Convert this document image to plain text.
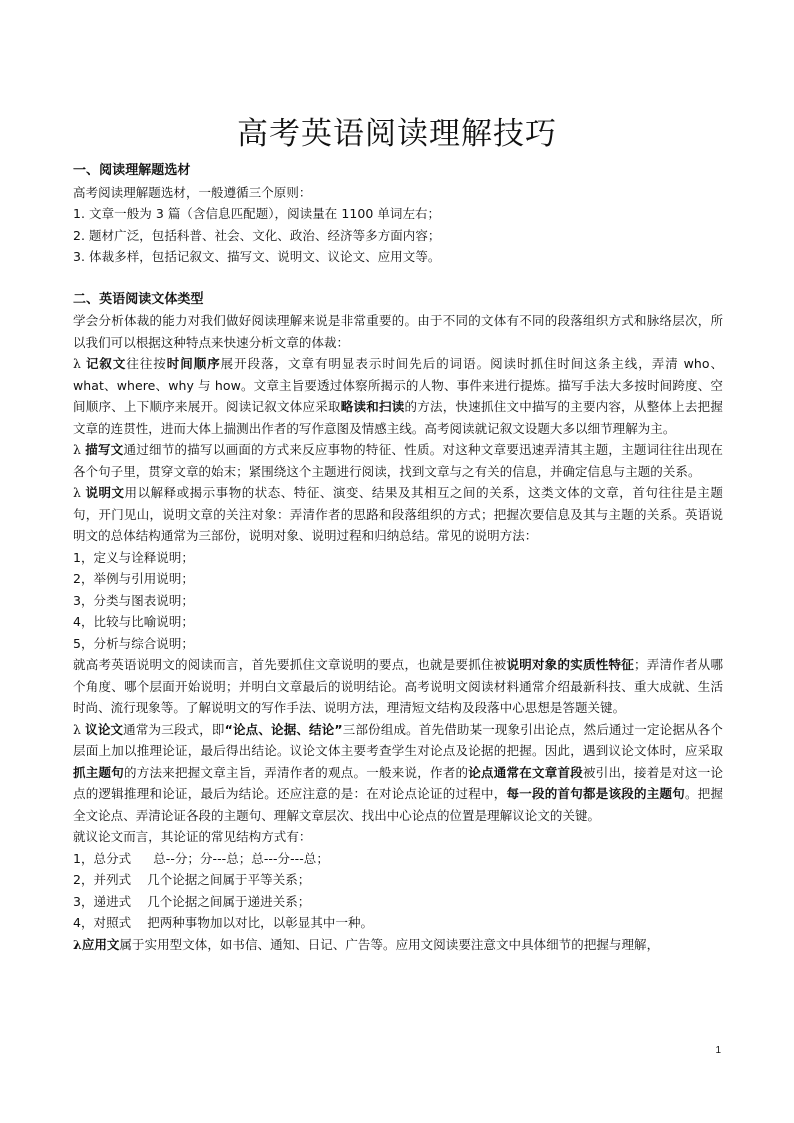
高考英语阅读理解技巧

一、阅读理解题选材

高考阅读理解题选材，一般遵循三个原则：

1. 文章一般为 3 篇（含信息匹配题），阅读量在 1100 单词左右；

2. 题材广泛，包括科普、社会、文化、政治、经济等多方面内容；

3. 体裁多样，包括记叙文、描写文、说明文、议论文、应用文等。

二、英语阅读文体类型

学会分析体裁的能力对我们做好阅读理解来说是非常重要的。由于不同的文体有不同的段落组织方式和脉络层次，所以我们可以根据这种特点来快速分析文章的体裁：

λ 记叙文往往按时间顺序展开段落，文章有明显表示时间先后的词语。阅读时抓住时间这条主线，弄清 who、what、where、why 与 how。文章主旨要透过体察所揭示的人物、事件来进行提炼。描写手法大多按时间跨度、空间顺序、上下顺序来展开。阅读记叙文体应采取略读和扫读的方法，快速抓住文中描写的主要内容，从整体上去把握文章的连贯性，进而大体上揣测出作者的写作意图及情感主线。高考阅读就记叙文设题大多以细节理解为主。

λ 描写文通过细节的描写以画面的方式来反应事物的特征、性质。对这种文章要迅速弄清其主题，主题词往往出现在各个句子里，贯穿文章的始末；紧围绕这个主题进行阅读，找到文章与之有关的信息，并确定信息与主题的关系。

λ 说明文用以解释或揭示事物的状态、特征、演变、结果及其相互之间的关系，这类文体的文章，首句往往是主题句，开门见山，说明文章的关注对象：弄清作者的思路和段落组织的方式；把握次要信息及其与主题的关系。英语说明文的总体结构通常为三部份，说明对象、说明过程和归纳总结。常见的说明方法：

1，定义与诠释说明；

2，举例与引用说明；

3，分类与图表说明；

4，比较与比喻说明；

5，分析与综合说明；

就高考英语说明文的阅读而言，首先要抓住文章说明的要点，也就是要抓住被说明对象的实质性特征；弄清作者从哪个角度、哪个层面开始说明；并明白文章最后的说明结论。高考说明文阅读材料通常介绍最新科技、重大成就、生活时尚、流行现象等。了解说明文的写作手法、说明方法，理清短文结构及段落中心思想是答题关键。

λ 议论文通常为三段式，即“论点、论据、结论”三部份组成。首先借助某一现象引出论点，然后通过一定论据从各个层面上加以推理论证，最后得出结论。议论文体主要考查学生对论点及论据的把握。因此，遇到议论文体时，应采取抓主题句的方法来把握文章主旨，弄清作者的观点。一般来说，作者的论点通常在文章首段被引出，接着是对这一论点的逻辑推理和论证，最后为结论。还应注意的是：在对论点论证的过程中，每一段的首句都是该段的主题句。把握全文论点、弄清论证各段的主题句、理解文章层次、找出中心论点的位置是理解议论文的关键。

就议论文而言，其论证的常见结构方式有：

1，总分式 总--分；分---总；总---分---总；

2，并列式 几个论据之间属于平等关系；

3，递进式 几个论据之间属于递进关系；

4，对照式 把两种事物加以对比，以彰显其中一种。

λ应用文属于实用型文体，如书信、通知、日记、广告等。应用文阅读要注意文中具体细节的把握与理解，

1
